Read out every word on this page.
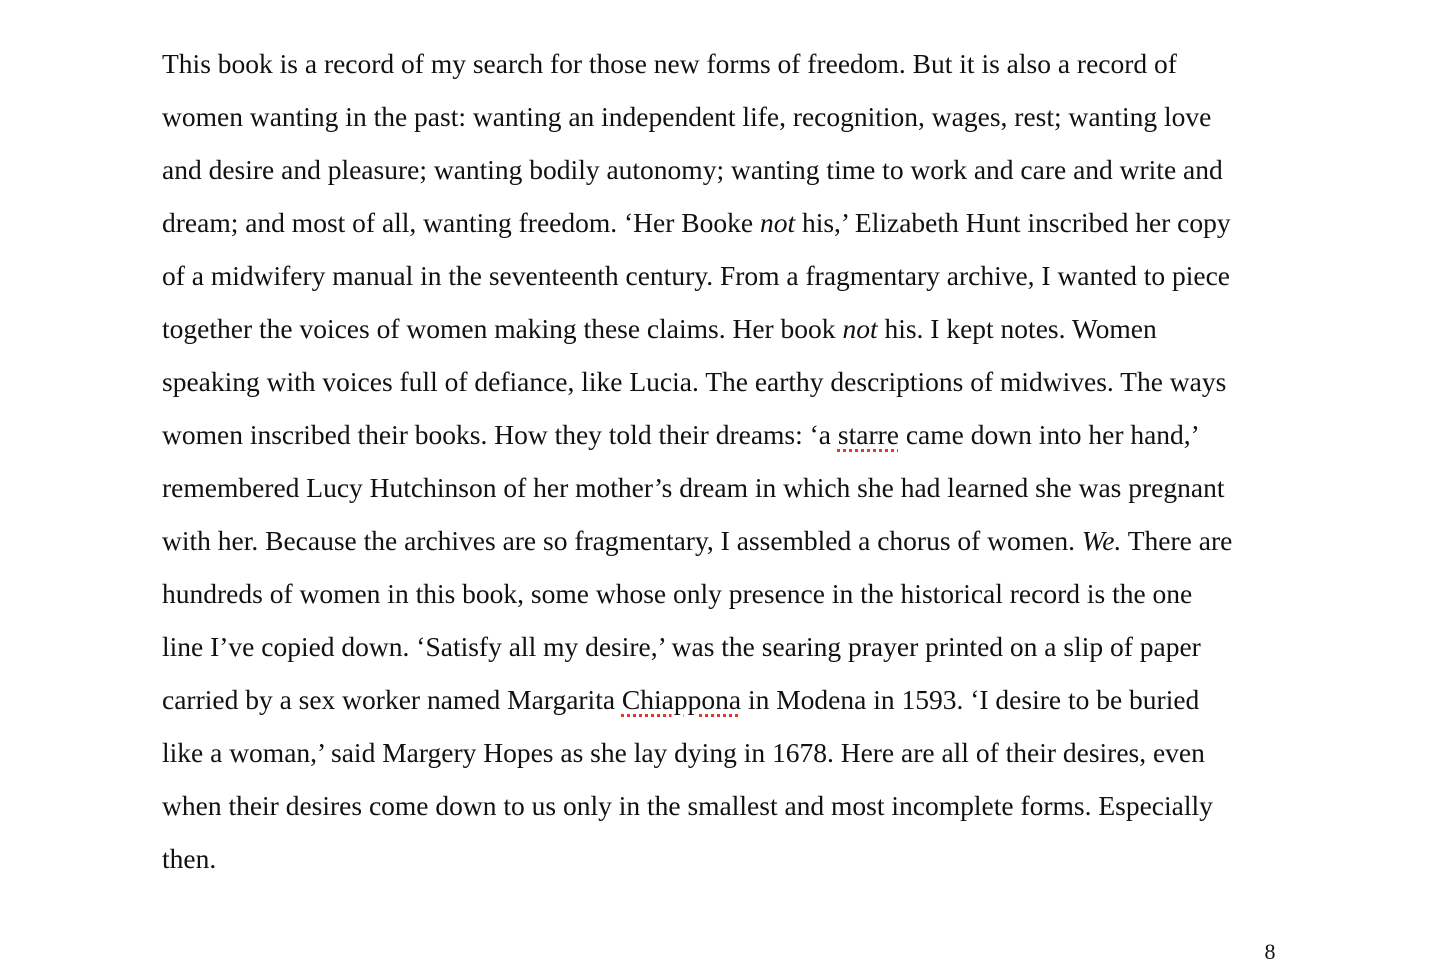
This book is a record of my search for those new forms of freedom. But it is also a record of
women wanting in the past: wanting an independent life, recognition, wages, rest; wanting love
and desire and pleasure; wanting bodily autonomy; wanting time to work and care and write and
dream; and most of all, wanting freedom. ‘Her Booke not his,’ Elizabeth Hunt inscribed her copy
of a midwifery manual in the seventeenth century. From a fragmentary archive, I wanted to piece
together the voices of women making these claims. Her book not his. I kept notes. Women
speaking with voices full of defiance, like Lucia. The earthy descriptions of midwives. The ways
women inscribed their books. How they told their dreams: ‘a starre came down into her hand,’
remembered Lucy Hutchinson of her mother’s dream in which she had learned she was pregnant
with her. Because the archives are so fragmentary, I assembled a chorus of women. We. There are
hundreds of women in this book, some whose only presence in the historical record is the one
line I’ve copied down. ‘Satisfy all my desire,’ was the searing prayer printed on a slip of paper
carried by a sex worker named Margarita Chiappona in Modena in 1593. ‘I desire to be buried
like a woman,’ said Margery Hopes as she lay dying in 1678. Here are all of their desires, even
when their desires come down to us only in the smallest and most incomplete forms. Especially
then.
8
